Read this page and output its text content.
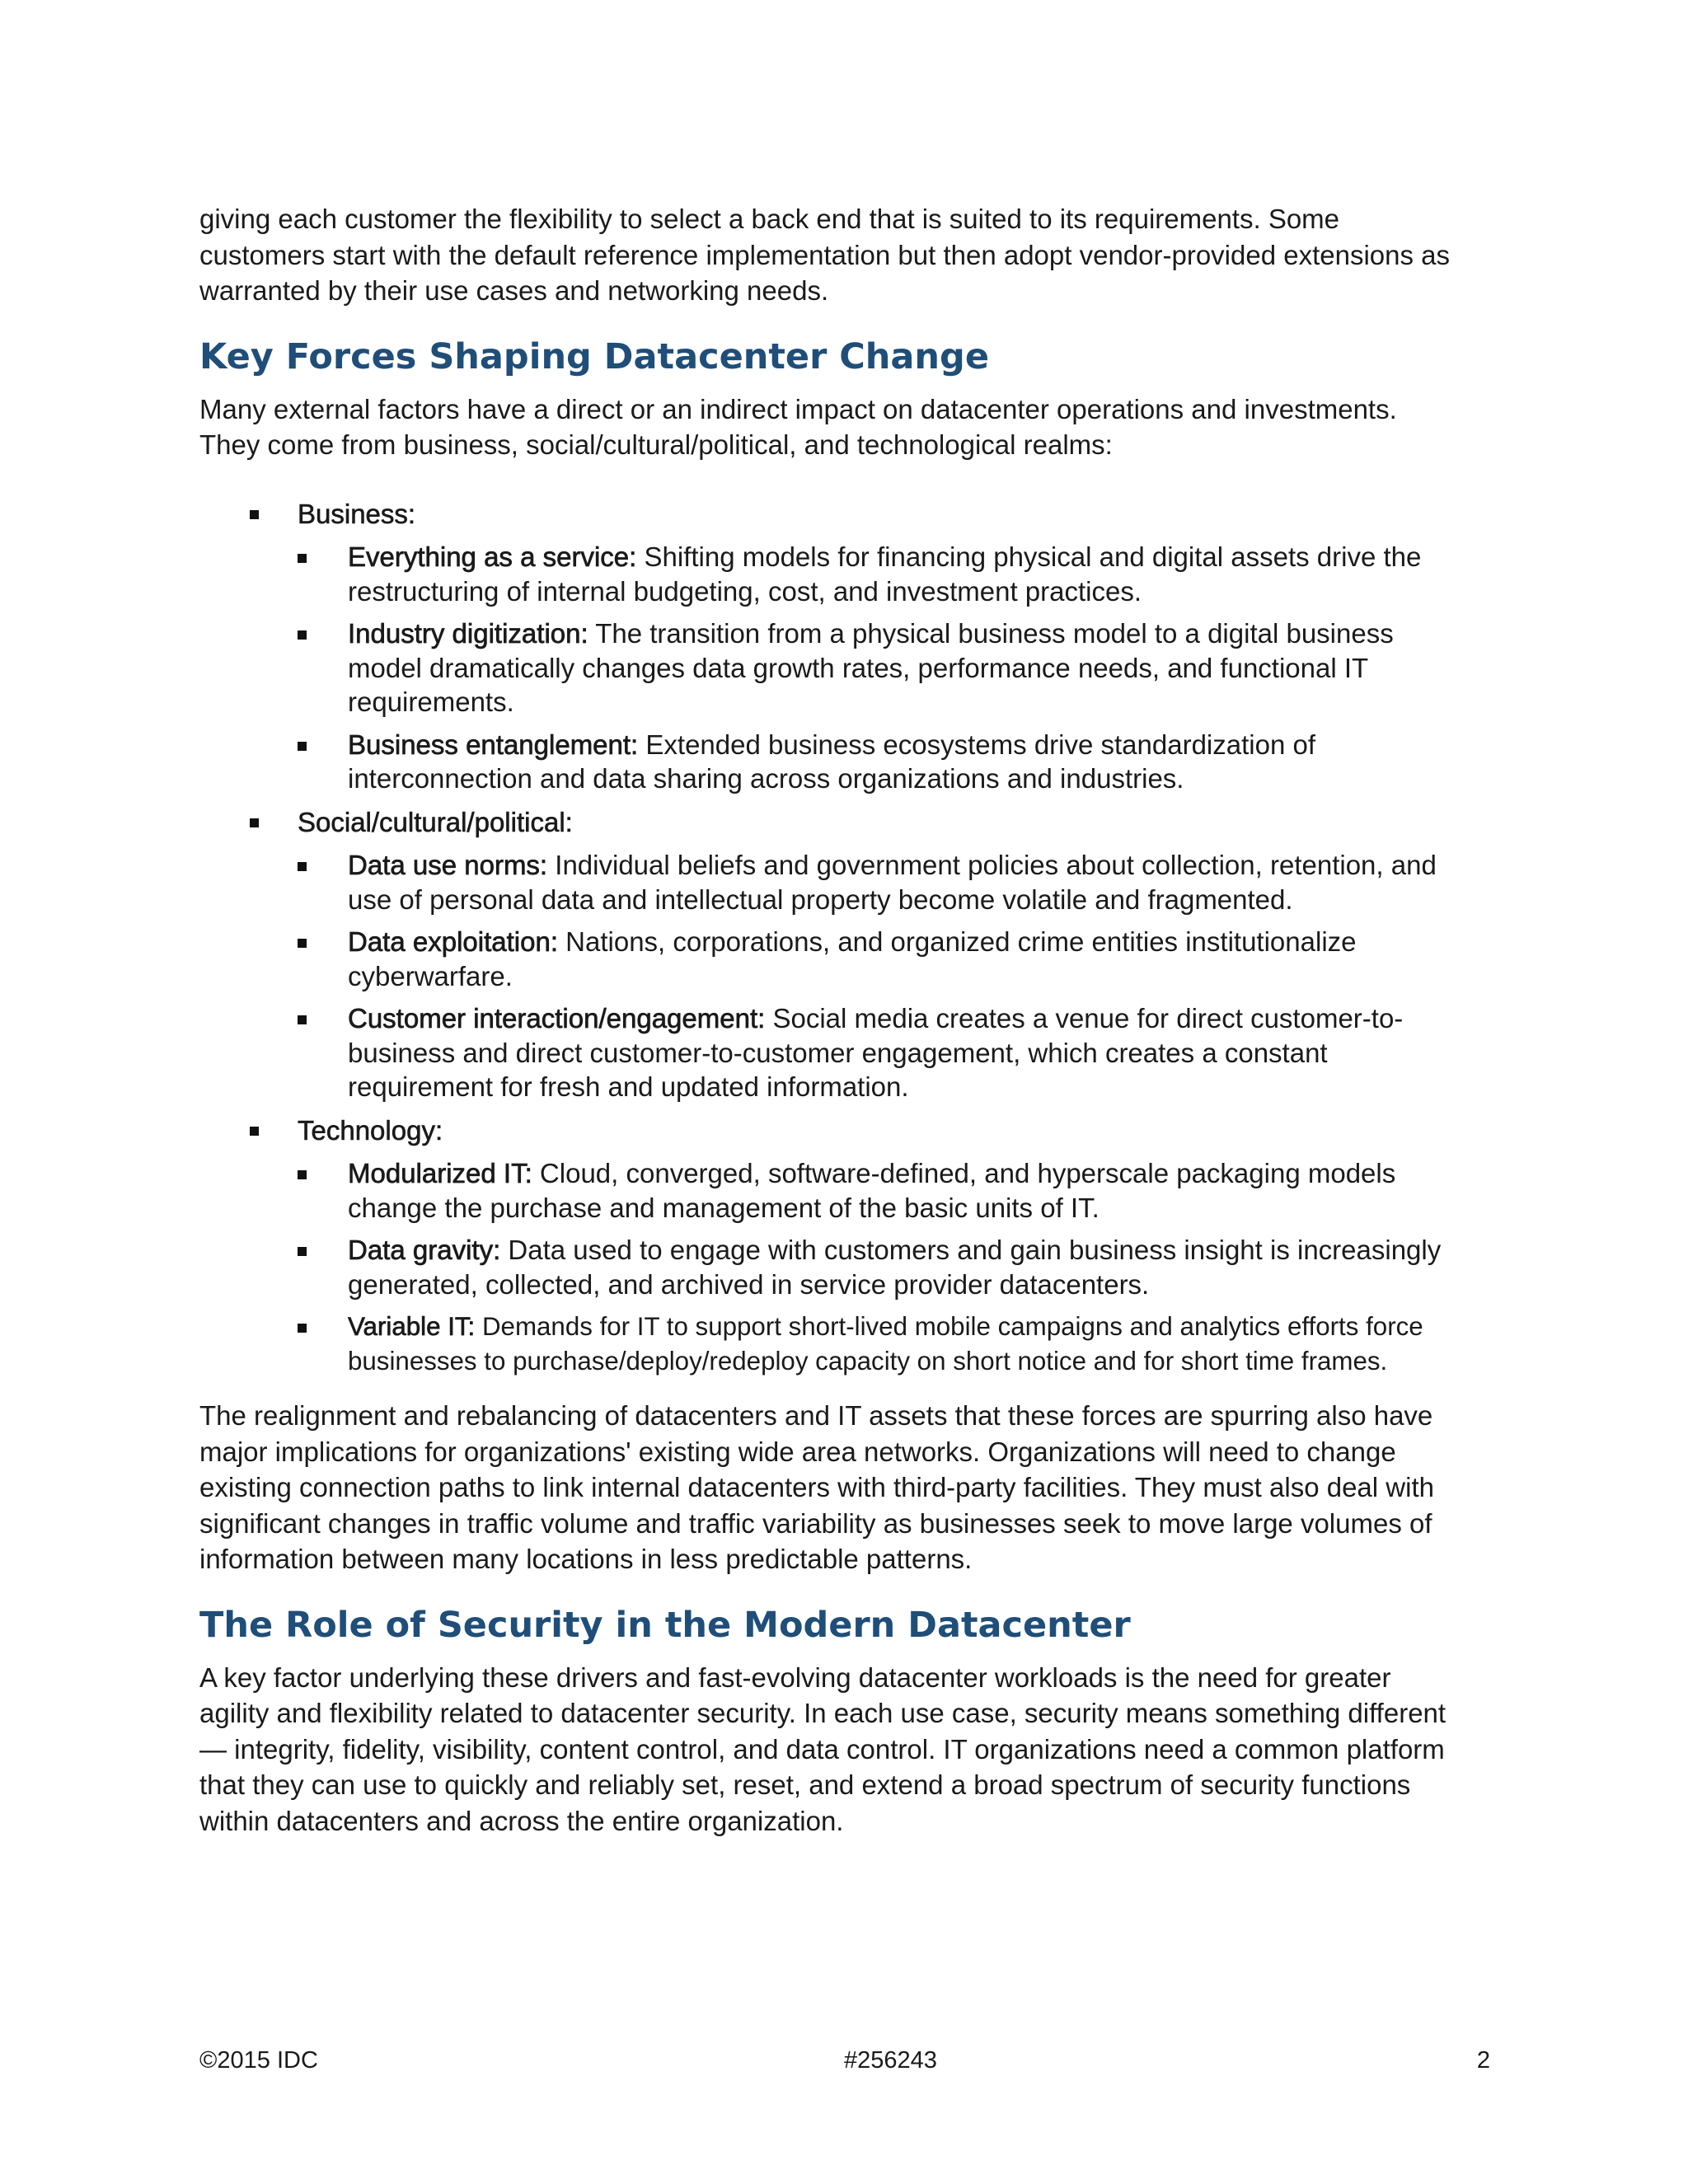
giving each customer the flexibility to select a back end that is suited to its requirements. Some customers start with the default reference implementation but then adopt vendor-provided extensions as warranted by their use cases and networking needs.

Key Forces Shaping Datacenter Change

Many external factors have a direct or an indirect impact on datacenter operations and investments. They come from business, social/cultural/political, and technological realms:

Business:
Everything as a service: Shifting models for financing physical and digital assets drive the restructuring of internal budgeting, cost, and investment practices.
Industry digitization: The transition from a physical business model to a digital business model dramatically changes data growth rates, performance needs, and functional IT requirements.
Business entanglement: Extended business ecosystems drive standardization of interconnection and data sharing across organizations and industries.
Social/cultural/political:
Data use norms: Individual beliefs and government policies about collection, retention, and use of personal data and intellectual property become volatile and fragmented.
Data exploitation: Nations, corporations, and organized crime entities institutionalize cyberwarfare.
Customer interaction/engagement: Social media creates a venue for direct customer-to-business and direct customer-to-customer engagement, which creates a constant requirement for fresh and updated information.
Technology:
Modularized IT: Cloud, converged, software-defined, and hyperscale packaging models change the purchase and management of the basic units of IT.
Data gravity: Data used to engage with customers and gain business insight is increasingly generated, collected, and archived in service provider datacenters.
Variable IT: Demands for IT to support short-lived mobile campaigns and analytics efforts force businesses to purchase/deploy/redeploy capacity on short notice and for short time frames.

The realignment and rebalancing of datacenters and IT assets that these forces are spurring also have major implications for organizations' existing wide area networks. Organizations will need to change existing connection paths to link internal datacenters with third-party facilities. They must also deal with significant changes in traffic volume and traffic variability as businesses seek to move large volumes of information between many locations in less predictable patterns.

The Role of Security in the Modern Datacenter

A key factor underlying these drivers and fast-evolving datacenter workloads is the need for greater agility and flexibility related to datacenter security. In each use case, security means something different — integrity, fidelity, visibility, content control, and data control. IT organizations need a common platform that they can use to quickly and reliably set, reset, and extend a broad spectrum of security functions within datacenters and across the entire organization.

©2015 IDC	#256243	2
